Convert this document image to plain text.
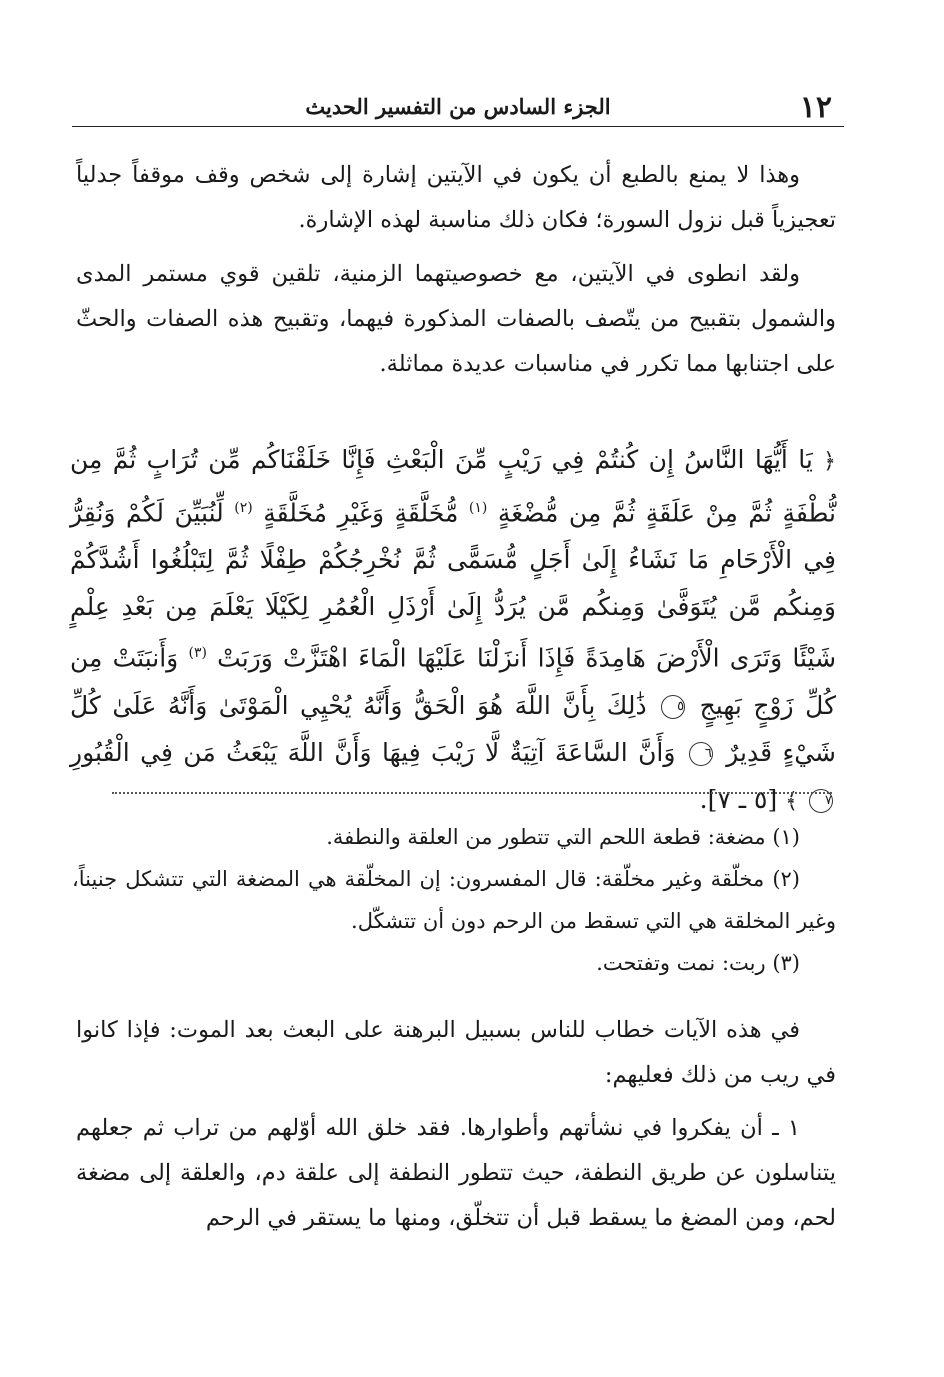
١٢
الجزء السادس من التفسير الحديث

وهذا لا يمنع بالطبع أن يكون في الآيتين إشارة إلى شخص وقف موقفاً جدلياً تعجيزياً قبل نزول السورة؛ فكان ذلك مناسبة لهذه الإشارة.

ولقد انطوى في الآيتين، مع خصوصيتهما الزمنية، تلقين قوي مستمر المدى والشمول بتقبيح من يتّصف بالصفات المذكورة فيهما، وتقبيح هذه الصفات والحثّ على اجتنابها مما تكرر في مناسبات عديدة مماثلة.

﴿ يَا أَيُّهَا النَّاسُ إِن كُنتُمْ فِي رَيْبٍ مِّنَ الْبَعْثِ فَإِنَّا خَلَقْنَاكُم مِّن تُرَابٍ ثُمَّ مِن نُّطْفَةٍ ثُمَّ مِنْ عَلَقَةٍ ثُمَّ مِن مُّضْغَةٍ $^{(١)}$ مُّخَلَّقَةٍ وَغَيْرِ مُخَلَّقَةٍ $^{(٢)}$ لِّنُبَيِّنَ لَكُمْ وَنُقِرُّ فِي الْأَرْحَامِ مَا نَشَاءُ إِلَىٰ أَجَلٍ مُّسَمًّى ثُمَّ نُخْرِجُكُمْ طِفْلًا ثُمَّ لِتَبْلُغُوا أَشُدَّكُمْ وَمِنكُم مَّن يُتَوَفَّىٰ وَمِنكُم مَّن يُرَدُّ إِلَىٰ أَرْذَلِ الْعُمُرِ لِكَيْلَا يَعْلَمَ مِن بَعْدِ عِلْمٍ شَيْئًا وَتَرَى الْأَرْضَ هَامِدَةً فَإِذَا أَنزَلْنَا عَلَيْهَا الْمَاءَ اهْتَزَّتْ وَرَبَتْ $^{(٣)}$ وَأَنبَتَتْ مِن كُلِّ زَوْجٍ بَهِيجٍ ٥ ذَٰلِكَ بِأَنَّ اللَّهَ هُوَ الْحَقُّ وَأَنَّهُ يُحْيِي الْمَوْتَىٰ وَأَنَّهُ عَلَىٰ كُلِّ شَيْءٍ قَدِيرٌ ٦ وَأَنَّ السَّاعَةَ آتِيَةٌ لَّا رَيْبَ فِيهَا وَأَنَّ اللَّهَ يَبْعَثُ مَن فِي الْقُبُورِ ٧ ﴾ [٥ ـ ٧].

(١) مضغة: قطعة اللحم التي تتطور من العلقة والنطفة.

(٢) مخلّقة وغير مخلّقة: قال المفسرون: إن المخلّقة هي المضغة التي تتشكل جنيناً، وغير المخلقة هي التي تسقط من الرحم دون أن تتشكّل.

(٣) ربت: نمت وتفتحت.

في هذه الآيات خطاب للناس بسبيل البرهنة على البعث بعد الموت: فإذا كانوا في ريب من ذلك فعليهم:

١ ـ أن يفكروا في نشأتهم وأطوارها. فقد خلق الله أوّلهم من تراب ثم جعلهم يتناسلون عن طريق النطفة، حيث تتطور النطفة إلى علقة دم، والعلقة إلى مضغة لحم، ومن المضغ ما يسقط قبل أن تتخلّق، ومنها ما يستقر في الرحم
